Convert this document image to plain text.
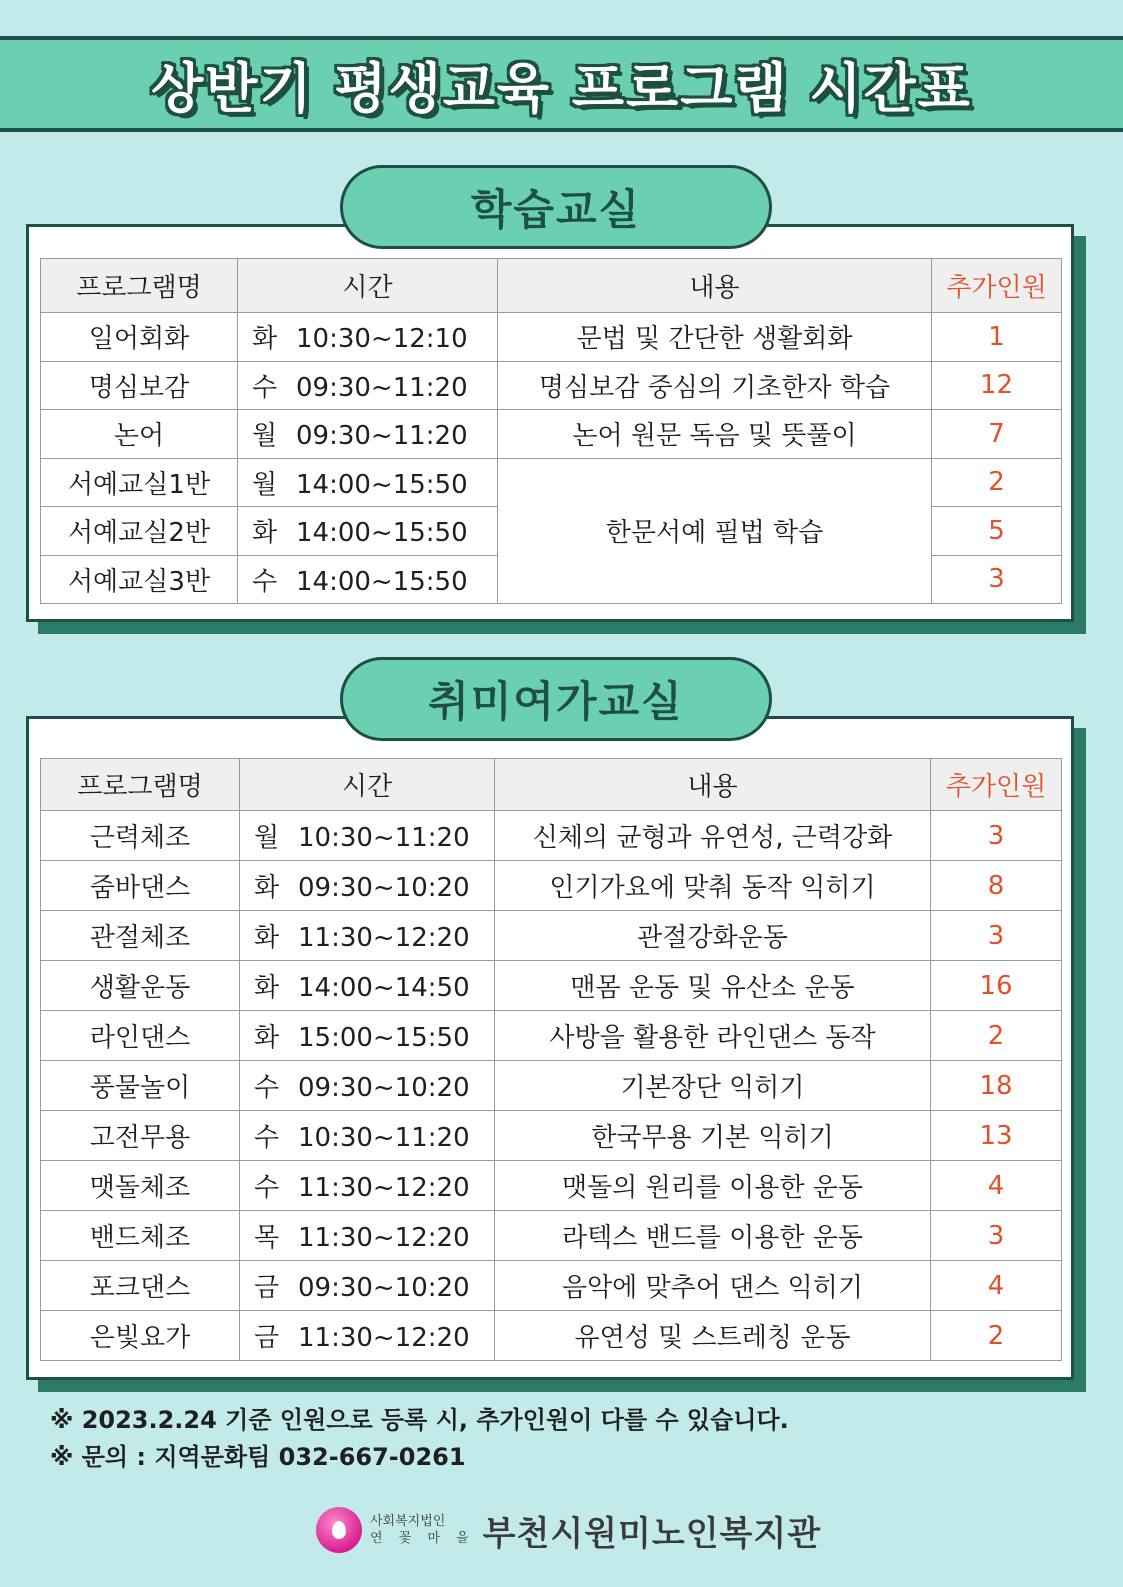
상반기 평생교육 프로그램 시간표
학습교실
프로그램명	시간	내용	추가인원
일어회화	화 10:30~12:10	문법 및 간단한 생활회화	1
명심보감	수 09:30~11:20	명심보감 중심의 기초한자 학습	12
논어	월 09:30~11:20	논어 원문 독음 및 뜻풀이	7
서예교실1반	월 14:00~15:50	한문서예 필법 학습	2
서예교실2반	화 14:00~15:50		5
서예교실3반	수 14:00~15:50		3
취미여가교실
프로그램명	시간	내용	추가인원
근력체조	월 10:30~11:20	신체의 균형과 유연성, 근력강화	3
줌바댄스	화 09:30~10:20	인기가요에 맞춰 동작 익히기	8
관절체조	화 11:30~12:20	관절강화운동	3
생활운동	화 14:00~14:50	맨몸 운동 및 유산소 운동	16
라인댄스	화 15:00~15:50	사방을 활용한 라인댄스 동작	2
풍물놀이	수 09:30~10:20	기본장단 익히기	18
고전무용	수 10:30~11:20	한국무용 기본 익히기	13
맷돌체조	수 11:30~12:20	맷돌의 원리를 이용한 운동	4
밴드체조	목 11:30~12:20	라텍스 밴드를 이용한 운동	3
포크댄스	금 09:30~10:20	음악에 맞추어 댄스 익히기	4
은빛요가	금 11:30~12:20	유연성 및 스트레칭 운동	2
※ 2023.2.24 기준 인원으로 등록 시, 추가인원이 다를 수 있습니다.
※ 문의 : 지역문화팀 032-667-0261
사회복지법인
연 꽃 마 을 부천시원미노인복지관
